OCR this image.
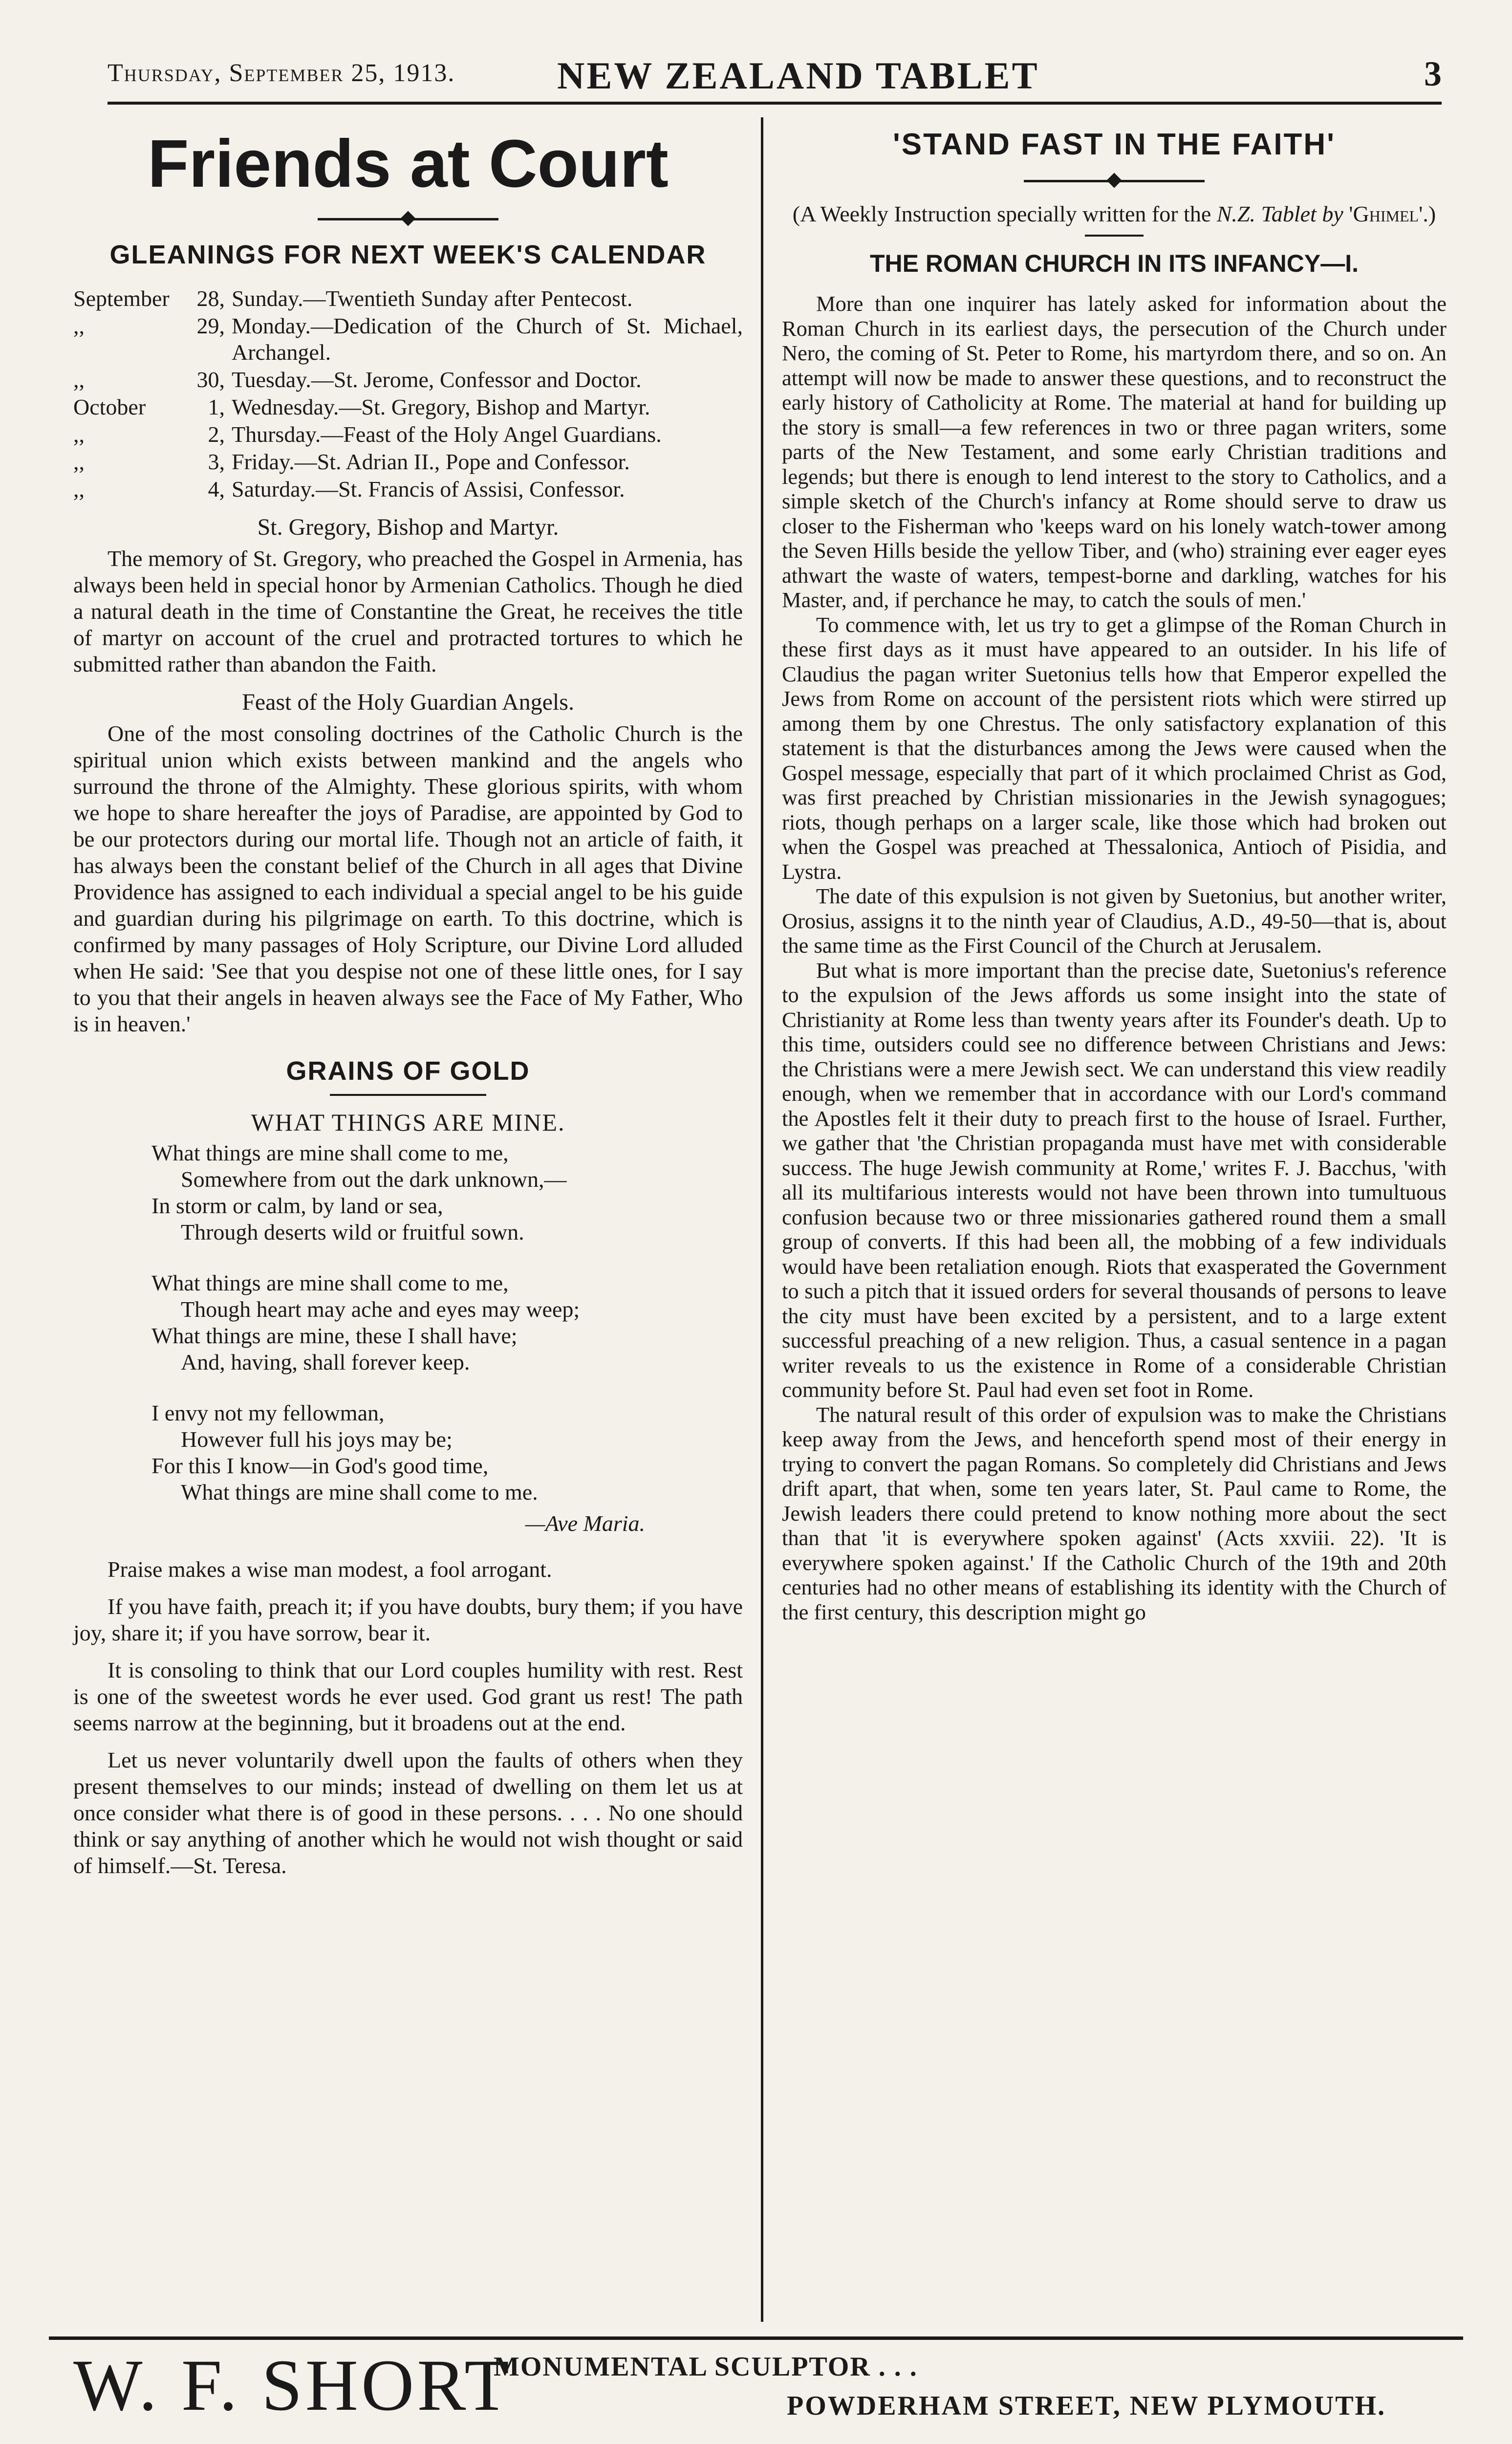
Thursday, September 25, 1913.	NEW ZEALAND TABLET	3
Friends at Court
GLEANINGS FOR NEXT WEEK'S CALENDAR
September	28, Sunday.—Twentieth Sunday after Pentecost.
,,	29, Monday.—Dedication of the Church of St. Michael, Archangel.
,,	30, Tuesday.—St. Jerome, Confessor and Doctor.
October	1, Wednesday.—St. Gregory, Bishop and Martyr.
,,	2, Thursday.—Feast of the Holy Angel Guardians.
,,	3, Friday.—St. Adrian II., Pope and Confessor.
,,	4, Saturday.—St. Francis of Assisi, Confessor.
St. Gregory, Bishop and Martyr.

The memory of St. Gregory, who preached the Gospel in Armenia, has always been held in special honor by Armenian Catholics. Though he died a natural death in the time of Constantine the Great, he receives the title of martyr on account of the cruel and protracted tortures to which he submitted rather than abandon the Faith.

Feast of the Holy Guardian Angels.

One of the most consoling doctrines of the Catholic Church is the spiritual union which exists between mankind and the angels who surround the throne of the Almighty. These glorious spirits, with whom we hope to share hereafter the joys of Paradise, are appointed by God to be our protectors during our mortal life. Though not an article of faith, it has always been the constant belief of the Church in all ages that Divine Providence has assigned to each individual a special angel to be his guide and guardian during his pilgrimage on earth. To this doctrine, which is confirmed by many passages of Holy Scripture, our Divine Lord alluded when He said: 'See that you despise not one of these little ones, for I say to you that their angels in heaven always see the Face of My Father, Who is in heaven.'

GRAINS OF GOLD
WHAT THINGS ARE MINE.
What things are mine shall come to me,
Somewhere from out the dark unknown,—
In storm or calm, by land or sea,
Through deserts wild or fruitful sown.
What things are mine shall come to me,
Though heart may ache and eyes may weep;
What things are mine, these I shall have;
And, having, shall forever keep.
I envy not my fellowman,
However full his joys may be;
For this I know—in God's good time,
What things are mine shall come to me.
—Ave Maria.

Praise makes a wise man modest, a fool arrogant.

If you have faith, preach it; if you have doubts, bury them; if you have joy, share it; if you have sorrow, bear it.

It is consoling to think that our Lord couples humility with rest. Rest is one of the sweetest words he ever used. God grant us rest! The path seems narrow at the beginning, but it broadens out at the end.

Let us never voluntarily dwell upon the faults of others when they present themselves to our minds; instead of dwelling on them let us at once consider what there is of good in these persons. . . . No one should think or say anything of another which he would not wish thought or said of himself.—St. Teresa.

'STAND FAST IN THE FAITH'
(A Weekly Instruction specially written for the N.Z. Tablet by 'Ghimel'.)
THE ROMAN CHURCH IN ITS INFANCY—I.

More than one inquirer has lately asked for information about the Roman Church in its earliest days, the persecution of the Church under Nero, the coming of St. Peter to Rome, his martyrdom there, and so on. An attempt will now be made to answer these questions, and to reconstruct the early history of Catholicity at Rome. The material at hand for building up the story is small—a few references in two or three pagan writers, some parts of the New Testament, and some early Christian traditions and legends; but there is enough to lend interest to the story to Catholics, and a simple sketch of the Church's infancy at Rome should serve to draw us closer to the Fisherman who 'keeps ward on his lonely watch-tower among the Seven Hills beside the yellow Tiber, and (who) straining ever eager eyes athwart the waste of waters, tempest-borne and darkling, watches for his Master, and, if perchance he may, to catch the souls of men.'

To commence with, let us try to get a glimpse of the Roman Church in these first days as it must have appeared to an outsider. In his life of Claudius the pagan writer Suetonius tells how that Emperor expelled the Jews from Rome on account of the persistent riots which were stirred up among them by one Chrestus. The only satisfactory explanation of this statement is that the disturbances among the Jews were caused when the Gospel message, especially that part of it which proclaimed Christ as God, was first preached by Christian missionaries in the Jewish synagogues; riots, though perhaps on a larger scale, like those which had broken out when the Gospel was preached at Thessalonica, Antioch of Pisidia, and Lystra.

The date of this expulsion is not given by Suetonius, but another writer, Orosius, assigns it to the ninth year of Claudius, A.D., 49-50—that is, about the same time as the First Council of the Church at Jerusalem.

But what is more important than the precise date, Suetonius's reference to the expulsion of the Jews affords us some insight into the state of Christianity at Rome less than twenty years after its Founder's death. Up to this time, outsiders could see no difference between Christians and Jews: the Christians were a mere Jewish sect. We can understand this view readily enough, when we remember that in accordance with our Lord's command the Apostles felt it their duty to preach first to the house of Israel. Further, we gather that 'the Christian propaganda must have met with considerable success. The huge Jewish community at Rome,' writes F. J. Bacchus, 'with all its multifarious interests would not have been thrown into tumultuous confusion because two or three missionaries gathered round them a small group of converts. If this had been all, the mobbing of a few individuals would have been retaliation enough. Riots that exasperated the Government to such a pitch that it issued orders for several thousands of persons to leave the city must have been excited by a persistent, and to a large extent successful preaching of a new religion. Thus, a casual sentence in a pagan writer reveals to us the existence in Rome of a considerable Christian community before St. Paul had even set foot in Rome.

The natural result of this order of expulsion was to make the Christians keep away from the Jews, and henceforth spend most of their energy in trying to convert the pagan Romans. So completely did Christians and Jews drift apart, that when, some ten years later, St. Paul came to Rome, the Jewish leaders there could pretend to know nothing more about the sect than that 'it is everywhere spoken against' (Acts xxviii. 22). 'It is everywhere spoken against.' If the Catholic Church of the 19th and 20th centuries had no other means of establishing its identity with the Church of the first century, this description might go

W. F. SHORT
MONUMENTAL SCULPTOR . . .
POWDERHAM STREET, NEW PLYMOUTH.
